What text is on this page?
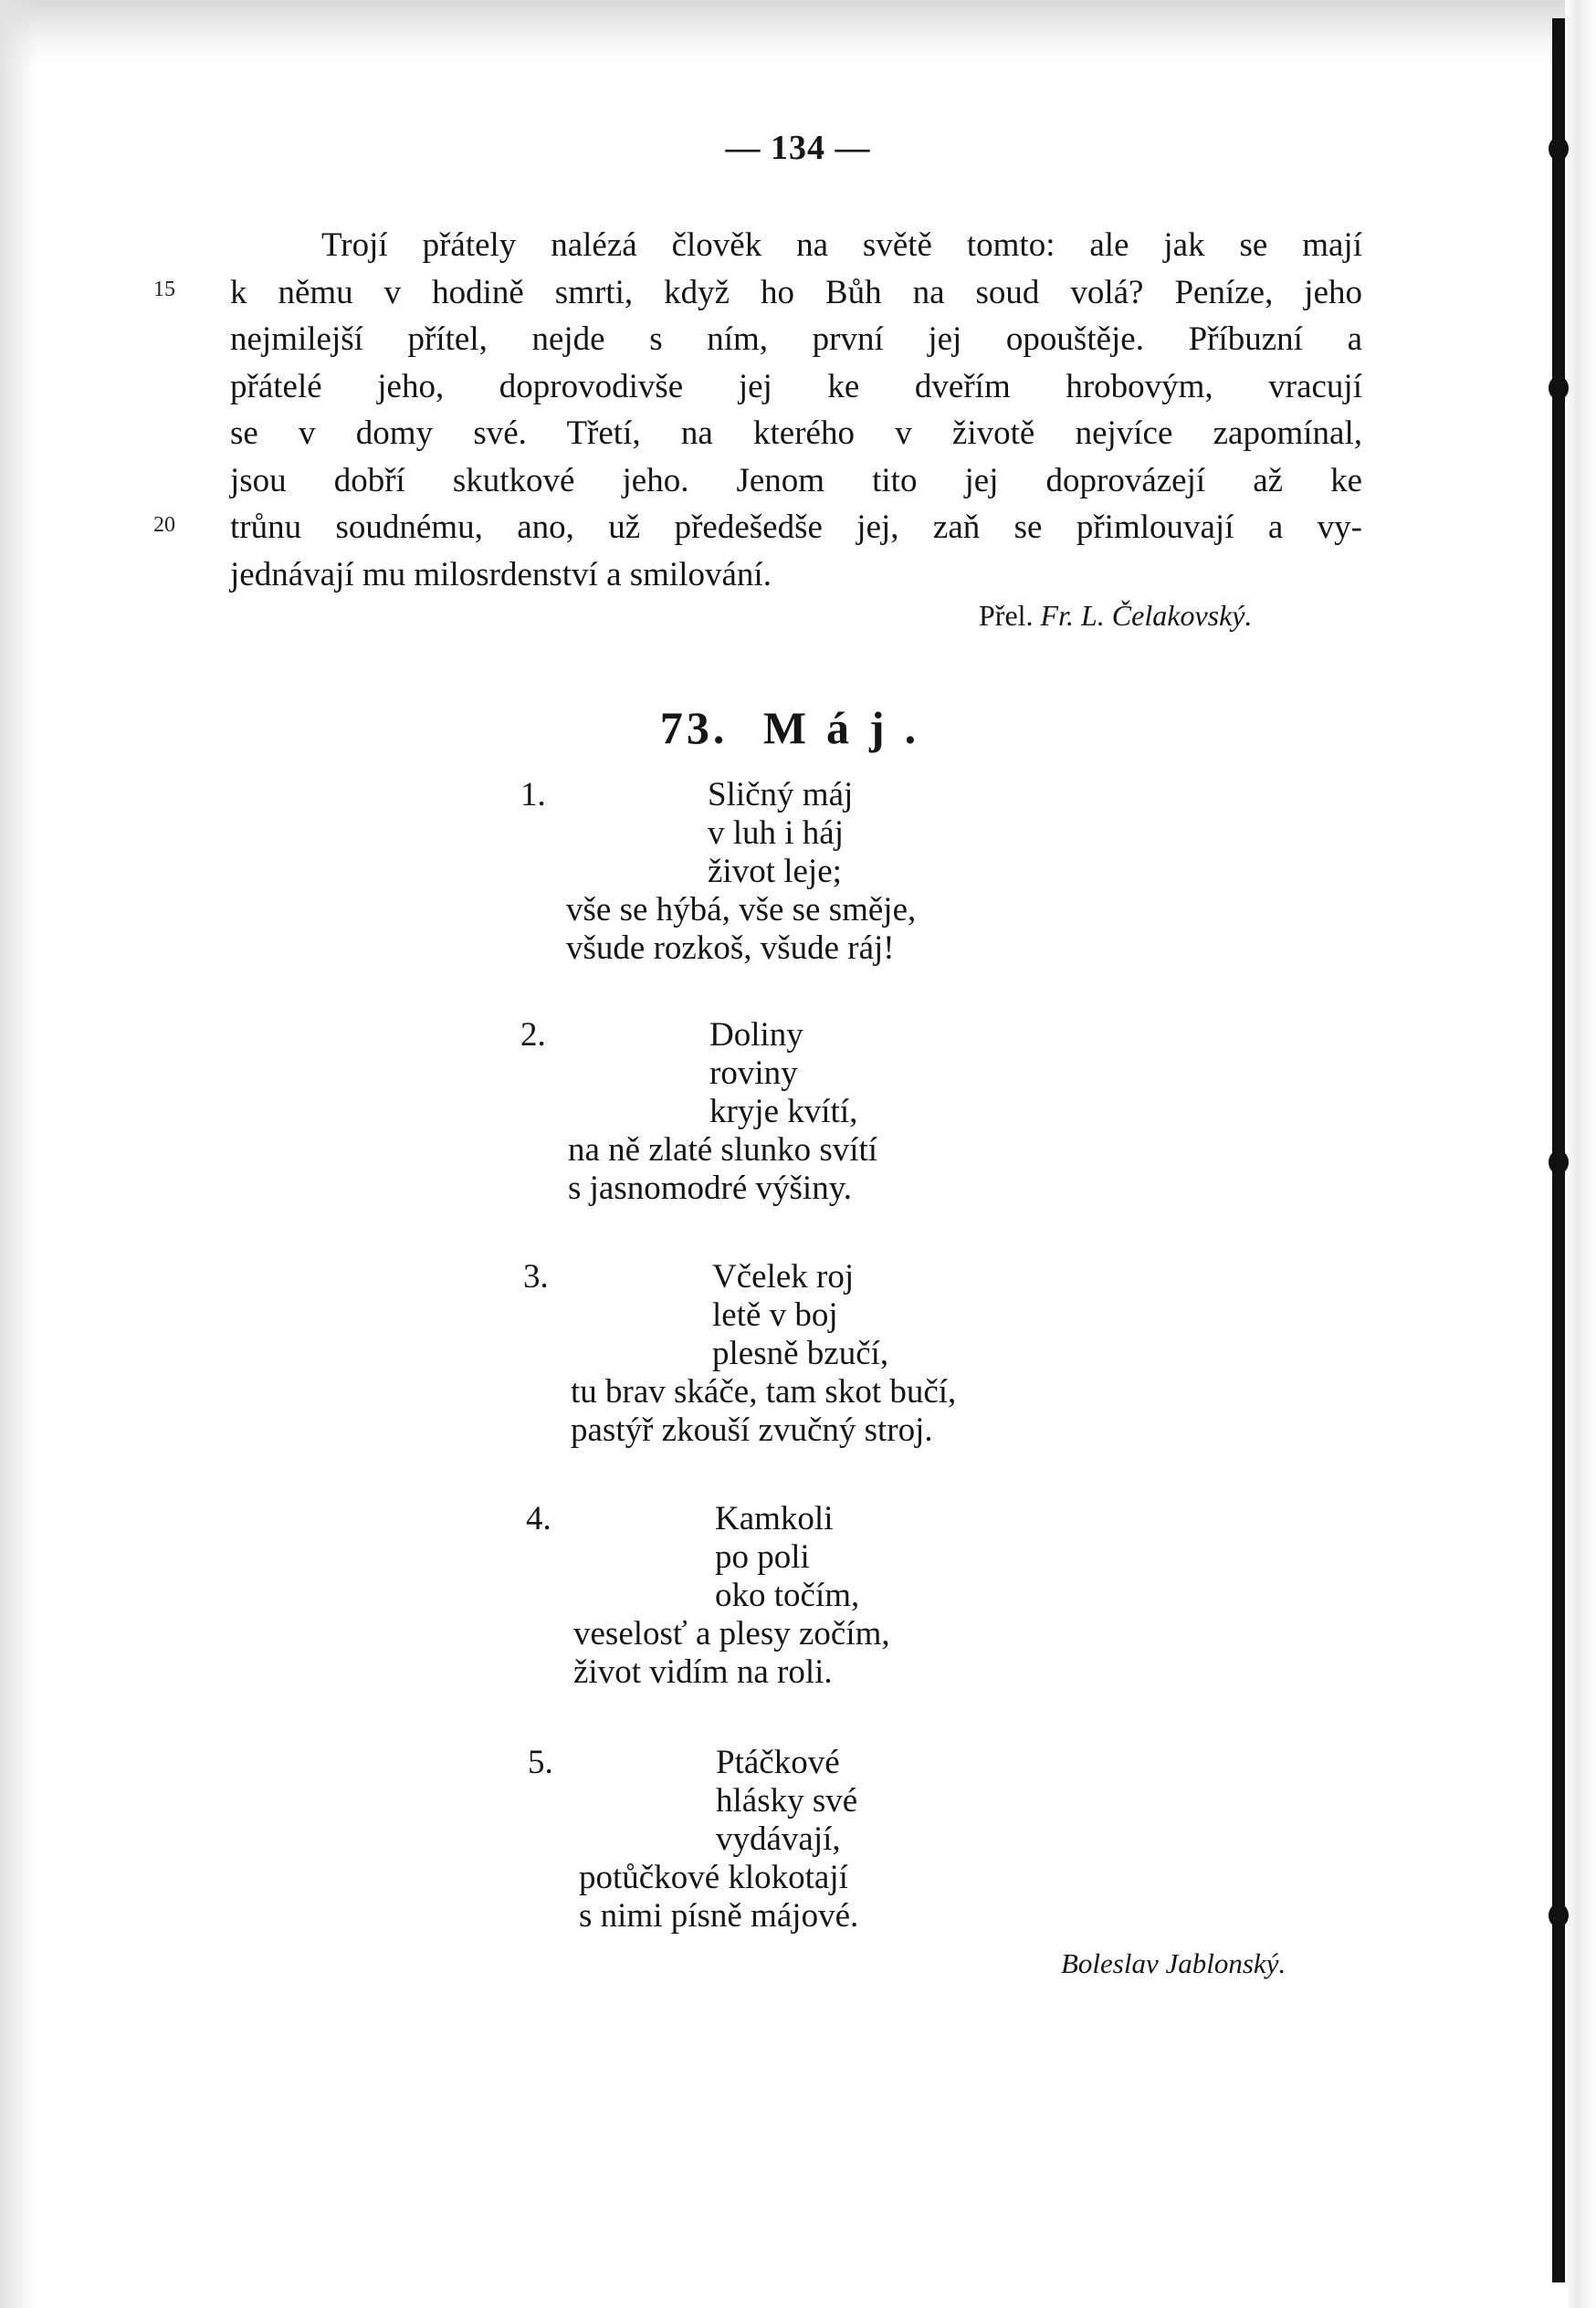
— 134 —
15
20
Trojí přátely nalézá člověk na světě tomto: ale jak se mají
k němu v hodině smrti, když ho Bůh na soud volá? Peníze, jeho
nejmilejší přítel, nejde s ním, první jej opouštěje. Příbuzní a
přátelé jeho, doprovodivše jej ke dveřím hrobovým, vracují
se v domy své. Třetí, na kterého v životě nejvíce zapomínal,
jsou dobří skutkové jeho. Jenom tito jej doprovázejí až ke
trůnu soudnému, ano, už předešedše jej, zaň se přimlouvají a vy-
jednávají mu milosrdenství a smilování.
Přel. Fr. L. Čelakovský.
73. Máj.
1.	Sličný máj
v luh i háj
život leje;
vše se hýbá, vše se směje,
všude rozkoš, všude ráj!
2.	Doliny
roviny
kryje kvítí,
na ně zlaté slunko svítí
s jasnomodré výšiny.
3.	Včelek roj
letě v boj
plesně bzučí,
tu brav skáče, tam skot bučí,
pastýř zkouší zvučný stroj.
4.	Kamkoli
po poli
oko točím,
veselosť a plesy zočím,
život vidím na roli.
5.	Ptáčkové
hlásky své
vydávají,
potůčkové klokotají
s nimi písně májové.
Boleslav Jablonský.
